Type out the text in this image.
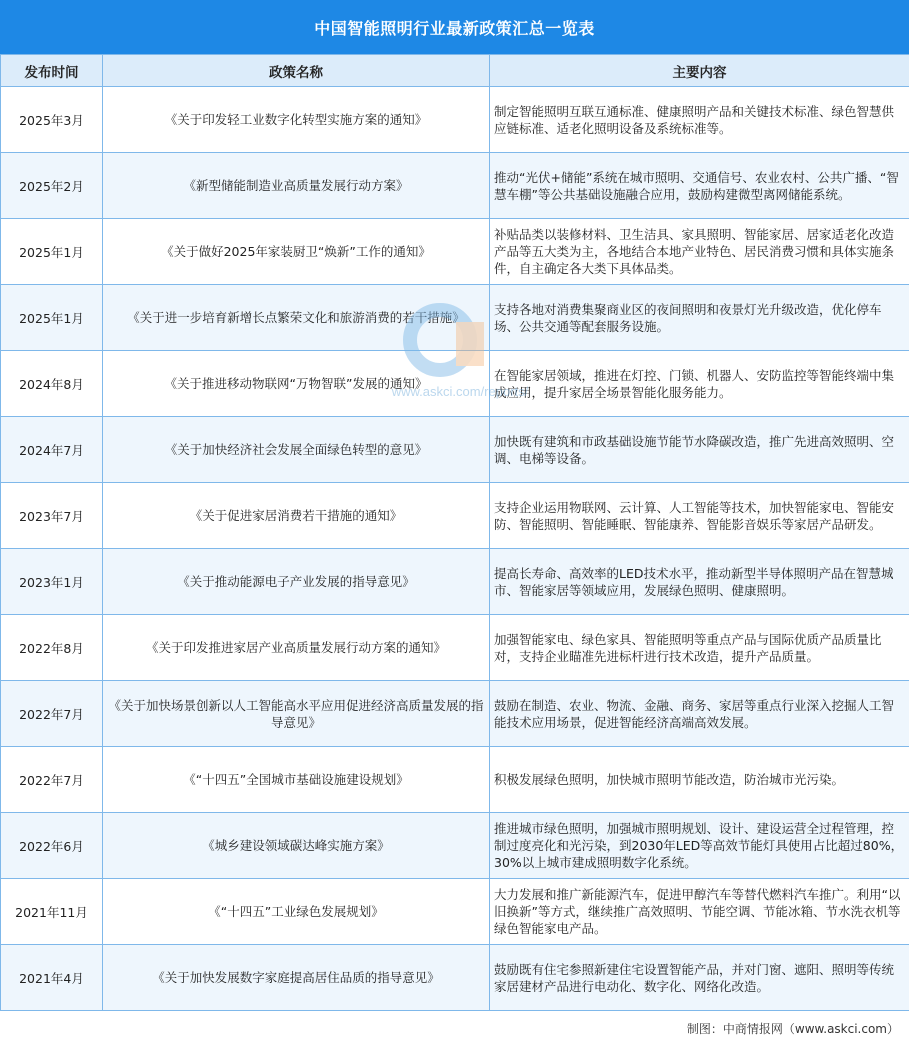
中国智能照明行业最新政策汇总一览表
发布时间	政策名称	主要内容
2025年3月	《关于印发轻工业数字化转型实施方案的通知》	制定智能照明互联互通标准、健康照明产品和关键技术标准、绿色智慧供应链标准、适老化照明设备及系统标准等。
2025年2月	《新型储能制造业高质量发展行动方案》	推动“光伏+储能”系统在城市照明、交通信号、农业农村、公共广播、“智慧车棚”等公共基础设施融合应用，鼓励构建微型离网储能系统。
2025年1月	《关于做好2025年家装厨卫“焕新”工作的通知》	补贴品类以装修材料、卫生洁具、家具照明、智能家居、居家适老化改造产品等五大类为主，各地结合本地产业特色、居民消费习惯和具体实施条件，自主确定各大类下具体品类。
2025年1月	《关于进一步培育新增长点繁荣文化和旅游消费的若干措施》	支持各地对消费集聚商业区的夜间照明和夜景灯光升级改造，优化停车场、公共交通等配套服务设施。
2024年8月	《关于推进移动物联网“万物智联”发展的通知》	在智能家居领域，推进在灯控、门锁、机器人、安防监控等智能终端中集成应用，提升家居全场景智能化服务能力。
2024年7月	《关于加快经济社会发展全面绿色转型的意见》	加快既有建筑和市政基础设施节能节水降碳改造，推广先进高效照明、空调、电梯等设备。
2023年7月	《关于促进家居消费若干措施的通知》	支持企业运用物联网、云计算、人工智能等技术，加快智能家电、智能安防、智能照明、智能睡眠、智能康养、智能影音娱乐等家居产品研发。
2023年1月	《关于推动能源电子产业发展的指导意见》	提高长寿命、高效率的LED技术水平，推动新型半导体照明产品在智慧城市、智能家居等领域应用，发展绿色照明、健康照明。
2022年8月	《关于印发推进家居产业高质量发展行动方案的通知》	加强智能家电、绿色家具、智能照明等重点产品与国际优质产品质量比对，支持企业瞄准先进标杆进行技术改造，提升产品质量。
2022年7月	《关于加快场景创新以人工智能高水平应用促进经济高质量发展的指导意见》	鼓励在制造、农业、物流、金融、商务、家居等重点行业深入挖掘人工智能技术应用场景，促进智能经济高端高效发展。
2022年7月	《“十四五”全国城市基础设施建设规划》	积极发展绿色照明，加快城市照明节能改造，防治城市光污染。
2022年6月	《城乡建设领域碳达峰实施方案》	推进城市绿色照明，加强城市照明规划、设计、建设运营全过程管理，控制过度亮化和光污染，到2030年LED等高效节能灯具使用占比超过80%，30%以上城市建成照明数字化系统。
2021年11月	《“十四五”工业绿色发展规划》	大力发展和推广新能源汽车，促进甲醇汽车等替代燃料汽车推广。利用“以旧换新”等方式，继续推广高效照明、节能空调、节能冰箱、节水洗衣机等绿色智能家电产品。
2021年4月	《关于加快发展数字家庭提高居住品质的指导意见》	鼓励既有住宅参照新建住宅设置智能产品，并对门窗、遮阳、照明等传统家居建材产品进行电动化、数字化、网络化改造。
www.askci.com/reports/
制图：中商情报网（www.askci.com）
